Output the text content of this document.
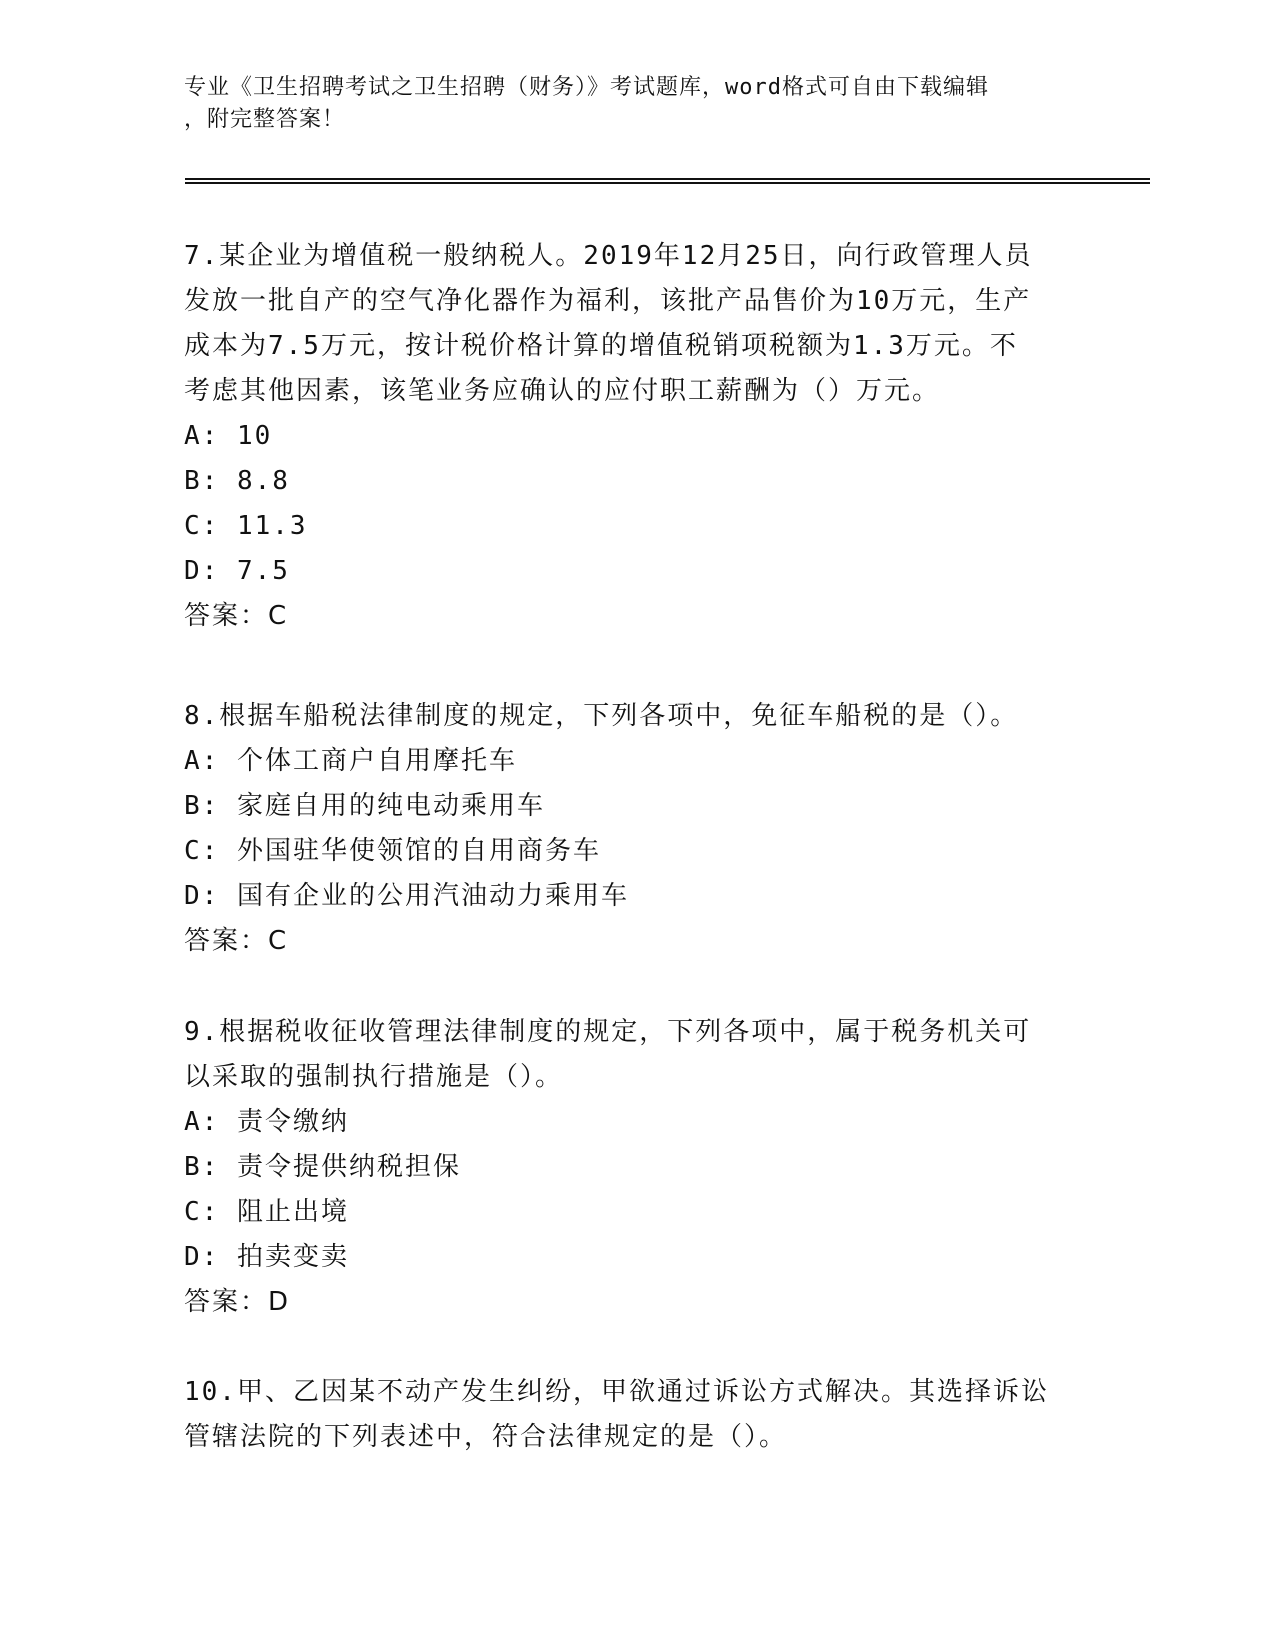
专业《卫生招聘考试之卫生招聘（财务）》考试题库，word格式可自由下载编辑
，附完整答案！

7.某企业为增值税一般纳税人。2019年12月25日，向行政管理人员
发放一批自产的空气净化器作为福利，该批产品售价为10万元，生产
成本为7.5万元，按计税价格计算的增值税销项税额为1.3万元。不
考虑其他因素，该笔业务应确认的应付职工薪酬为（）万元。

A: 10
B: 8.8
C: 11.3
D: 7.5
答案：C

8.根据车船税法律制度的规定，下列各项中，免征车船税的是（）。

A: 个体工商户自用摩托车
B: 家庭自用的纯电动乘用车
C: 外国驻华使领馆的自用商务车
D: 国有企业的公用汽油动力乘用车
答案：C

9.根据税收征收管理法律制度的规定，下列各项中，属于税务机关可
以采取的强制执行措施是（）。

A: 责令缴纳
B: 责令提供纳税担保
C: 阻止出境
D: 拍卖变卖
答案：D

10.甲、乙因某不动产发生纠纷，甲欲通过诉讼方式解决。其选择诉讼
管辖法院的下列表述中，符合法律规定的是（）。
